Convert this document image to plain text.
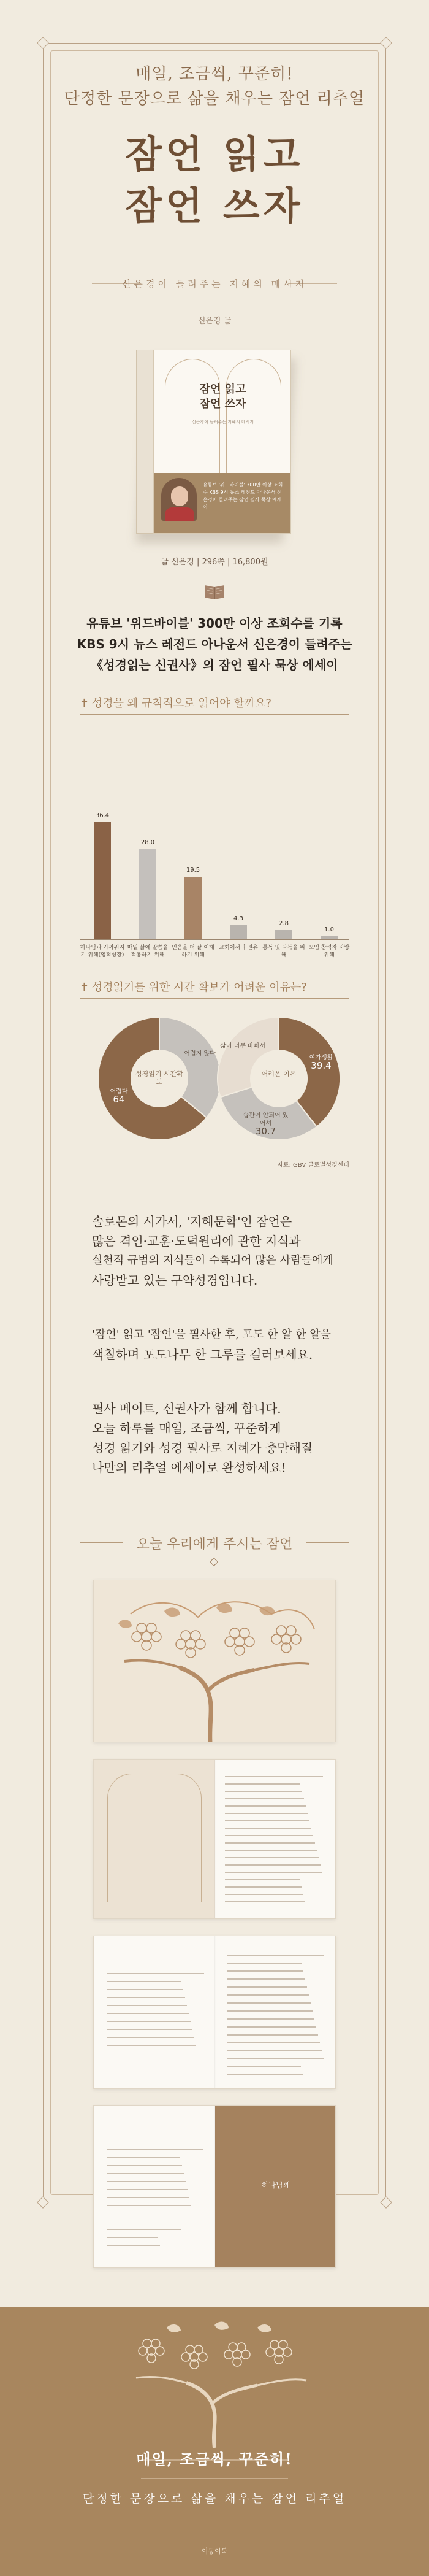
매일, 조금씩, 꾸준히!
단정한 문장으로 삶을 채우는 잠언 리추얼
잠언 읽고
잠언 쓰자
신은경이 들려주는 지혜의 메시지
신은경 글
잠언 읽고
잠언 쓰자
신은경이 들려주는 지혜의 메시지
유튜브 '위드바이블' 300만 이상 조회수 KBS 9시 뉴스 레전드 아나운서 신은경이 들려주는 잠언 필사 묵상 에세이
글 신은경 | 296쪽 | 16,800원
유튜브 '위드바이블' 300만 이상 조회수를 기록
KBS 9시 뉴스 레전드 아나운서 신은경이 들려주는
《성경읽는 신권사》의 잠언 필사 묵상 에세이
✝ 성경을 왜 규칙적으로 읽어야 할까요?
36.4
하나님과 가까워지기 위해(영적성장)
28.0
매일 삶에 말씀을 적용하기 위해
19.5
믿음을 더 잘 이해하기 위해
4.3
교회에서의 권유
2.8
통독 및 다독을 위해
1.0
모임 참석자 자랑 위해
✝ 성경읽기를 위한 시간 확보가 어려운 이유는?
어렵다
64
어렵지 않다
성경읽기 시간확보
여가생활
39.4
습관이 안되어 있어서
30.7
삶이 너무 바빠서
어려운 이유
자료: GBV 글로벌성경센터
솔로몬의 시가서, '지혜문학'인 잠언은
많은 격언·교훈·도덕원리에 관한 지식과
실천적 규범의 지식들이 수록되어 많은 사람들에게
사랑받고 있는 구약성경입니다.
'잠언' 읽고 '잠언'을 필사한 후, 포도 한 알 한 알을
색칠하며 포도나무 한 그루를 길러보세요.
필사 메이트, 신권사가 함께 합니다.
오늘 하루를 매일, 조금씩, 꾸준하게
성경 읽기와 성경 필사로 지혜가 충만해질
나만의 리추얼 에세이로 완성하세요!
오늘 우리에게 주시는 잠언
하나님께
매일, 조금씩, 꾸준히!
단정한 문장으로 삶을 채우는 잠언 리추얼
이동이북
